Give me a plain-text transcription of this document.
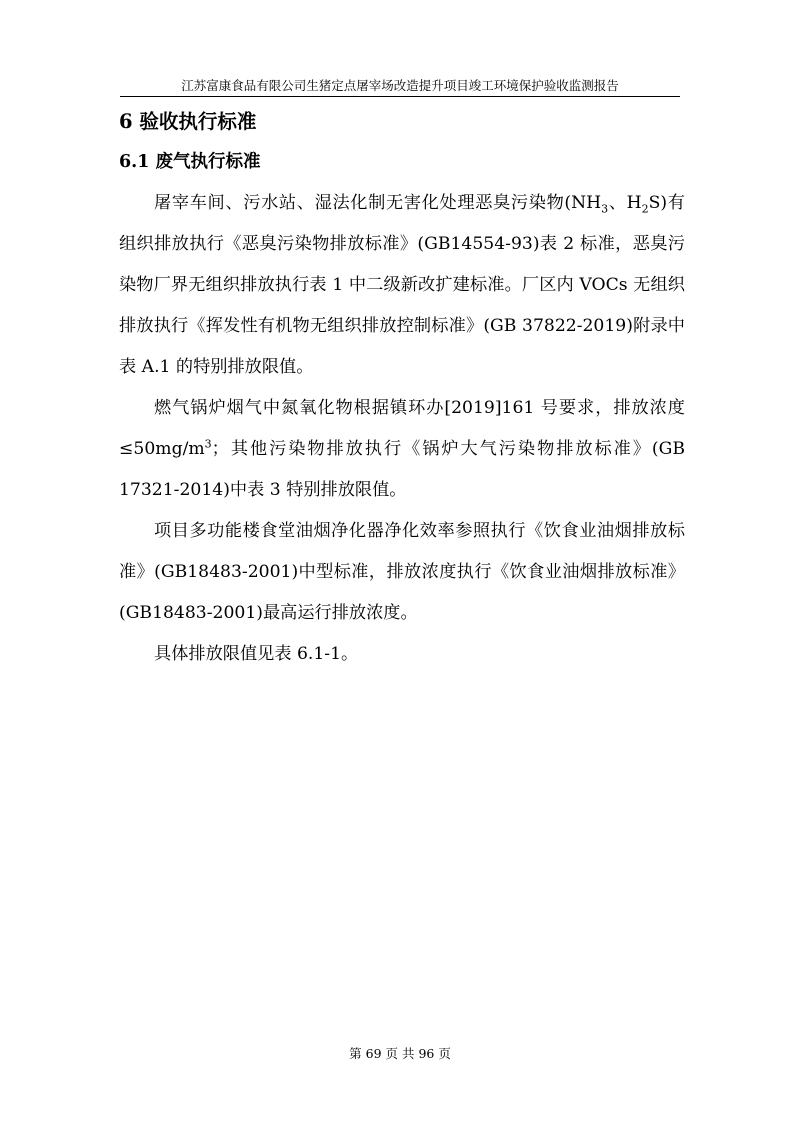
江苏富康食品有限公司生猪定点屠宰场改造提升项目竣工环境保护验收监测报告
6 验收执行标准
6.1 废气执行标准

屠宰车间、污水站、湿法化制无害化处理恶臭污染物($NH_3$、$H_2S$)有组织排放执行《恶臭污染物排放标准》(GB14554-93)表 2 标准，恶臭污染物厂界无组织排放执行表 1 中二级新改扩建标准。厂区内 VOCs 无组织排放执行《挥发性有机物无组织排放控制标准》(GB 37822-2019)附录中表 A.1 的特别排放限值。

燃气锅炉烟气中氮氧化物根据镇环办[2019]161 号要求，排放浓度$\le 50mg/m^3$；其他污染物排放执行《锅炉大气污染物排放标准》(GB 17321-2014)中表 3 特别排放限值。

项目多功能楼食堂油烟净化器净化效率参照执行《饮食业油烟排放标准》(GB18483-2001)中型标准，排放浓度执行《饮食业油烟排放标准》(GB18483-2001)最高运行排放浓度。

具体排放限值见表 6.1-1。

第 69 页 共 96 页
